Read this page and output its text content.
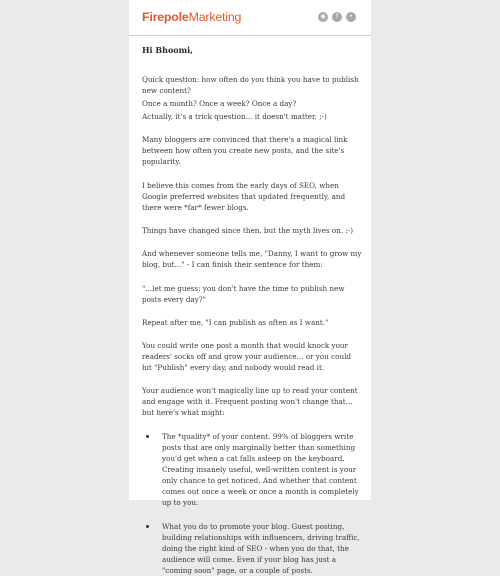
FirepoleMarketing	◉	f	•

Hi Bhoomi,

Quick question: how often do you think you have to publish new content?

Once a month? Once a week? Once a day?

Actually, it's a trick question... it doesn't matter. ;-)

Many bloggers are convinced that there's a magical link between how often you create new posts, and the site's popularity.

I believe this comes from the early days of SEO, when Google preferred websites that updated frequently, and there were *far* fewer blogs.

Things have changed since then, but the myth lives on. :-)

And whenever someone tells me, "Danny, I want to grow my blog, but..." - I can finish their sentence for them:

"...let me guess: you don't have the time to publish new posts every day?"

Repeat after me, "I can publish as often as I want."

You could write one post a month that would knock your readers' socks off and grow your audience... or you could hit "Publish" every day, and nobody would read it.

Your audience won't magically line up to read your content and engage with it. Frequent posting won't change that... but here's what might:

The *quality* of your content. 99% of bloggers write posts that are only marginally better than something you'd get when a cat falls asleep on the keyboard. Creating insanely useful, well-written content is your only chance to get noticed. And whether that content comes out once a week or once a month is completely up to you.
What you do to promote your blog. Guest posting, building relationships with influencers, driving traffic, doing the right kind of SEO - when you do that, the audience will come. Even if your blog has just a "coming soon" page, or a couple of posts.
